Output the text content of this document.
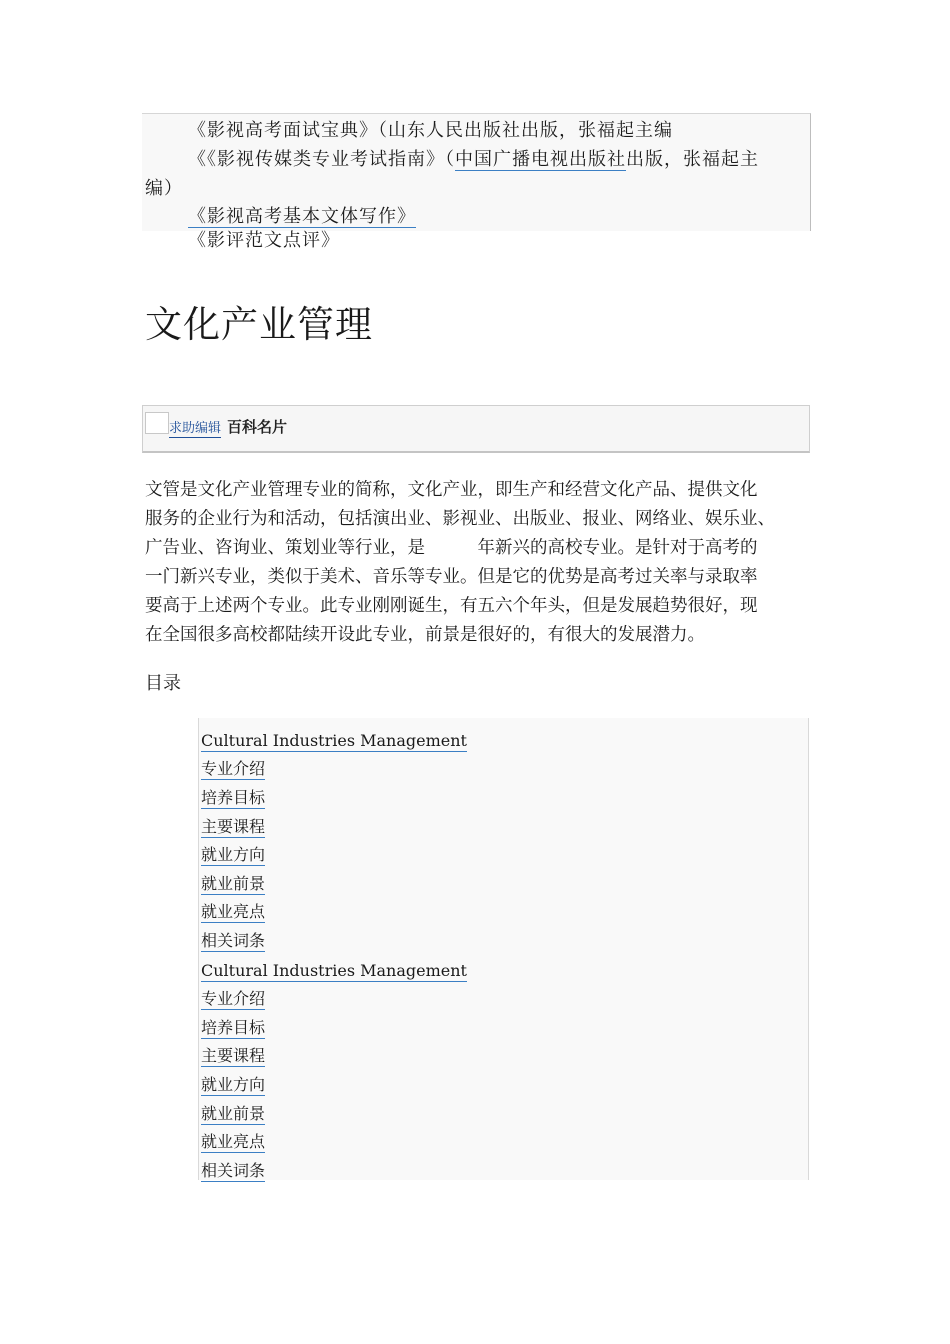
《影视高考面试宝典》（山东人民出版社出版，张福起主编
《《影视传媒类专业考试指南》（中国广播电视出版社出版，张福起主
编）
《影视高考基本文体写作》
《影评范文点评》
文化产业管理
求助编辑 百科名片
文管是文化产业管理专业的简称，文化产业，即生产和经营文化产品、提供文化
服务的企业行为和活动，包括演出业、影视业、出版业、报业、网络业、娱乐业、
广告业、咨询业、策划业等行业，是　　　年新兴的高校专业。是针对于高考的
一门新兴专业，类似于美术、音乐等专业。但是它的优势是高考过关率与录取率
要高于上述两个专业。此专业刚刚诞生，有五六个年头，但是发展趋势很好，现
在全国很多高校都陆续开设此专业，前景是很好的，有很大的发展潜力。
目录
Cultural Industries Management
专业介绍
培养目标
主要课程
就业方向
就业前景
就业亮点
相关词条
Cultural Industries Management
专业介绍
培养目标
主要课程
就业方向
就业前景
就业亮点
相关词条
